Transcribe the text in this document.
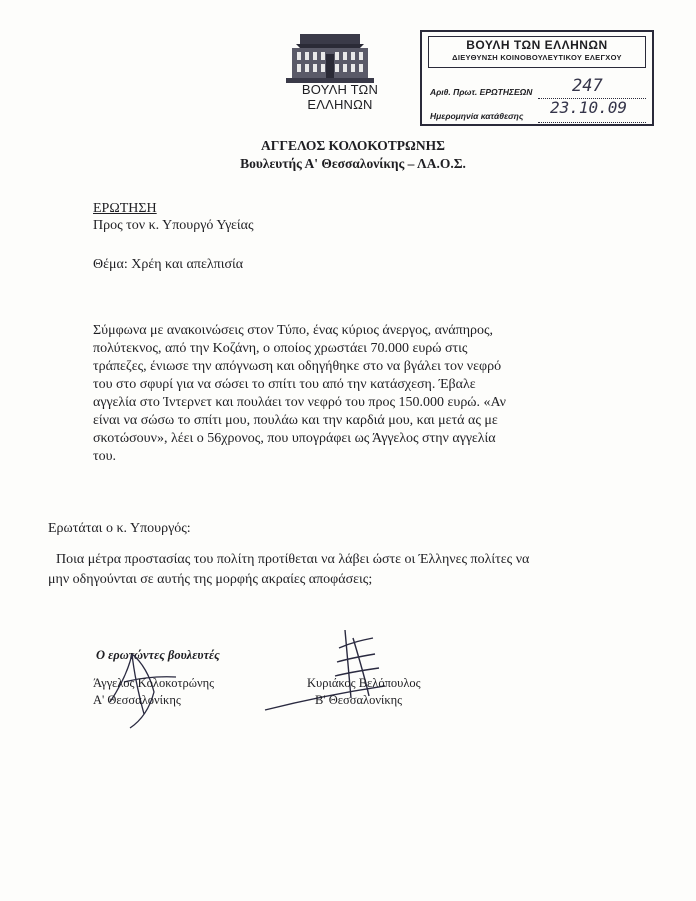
ΒΟΥΛΗ ΤΩΝ ΕΛΛΗΝΩΝ
ΒΟΥΛΗ ΤΩΝ ΕΛΛΗΝΩΝ
ΔΙΕΥΘΥΝΣΗ ΚΟΙΝΟΒΟΥΛΕΥΤΙΚΟΥ ΕΛΕΓΧΟΥ
Αριθ. Πρωτ. ΕΡΩΤΗΣΕΩΝ 247
Ημερομηνία κατάθεσης 23.10.09
ΑΓΓΕΛΟΣ ΚΟΛΟΚΟΤΡΩΝΗΣ
Βουλευτής Α' Θεσσαλονίκης – ΛΑ.Ο.Σ.
ΕΡΩΤΗΣΗ
Προς τον κ. Υπουργό Υγείας
Θέμα: Χρέη και απελπισία
Σύμφωνα με ανακοινώσεις στον Τύπο, ένας κύριος άνεργος, ανάπηρος,
πολύτεκνος, από την Κοζάνη, ο οποίος χρωστάει 70.000 ευρώ στις
τράπεζες, ένιωσε την απόγνωση και οδηγήθηκε στο να βγάλει τον νεφρό
του στο σφυρί για να σώσει το σπίτι του από την κατάσχεση. Έβαλε
αγγελία στο Ίντερνετ και πουλάει τον νεφρό του προς 150.000 ευρώ. «Αν
είναι να σώσω το σπίτι μου, πουλάω και την καρδιά μου, και μετά ας με
σκοτώσουν», λέει ο 56χρονος, που υπογράφει ως Άγγελος στην αγγελία
του.
Ερωτάται ο κ. Υπουργός:
Ποια μέτρα προστασίας του πολίτη προτίθεται να λάβει ώστε οι Έλληνες πολίτες να
μην οδηγούνται σε αυτής της μορφής ακραίες αποφάσεις;
Ο ερωτώντες βουλευτές
Άγγελος Κολοκοτρώνης
Α' Θεσσαλονίκης
Κυριάκος Βελόπουλος
Β' Θεσσαλονίκης
